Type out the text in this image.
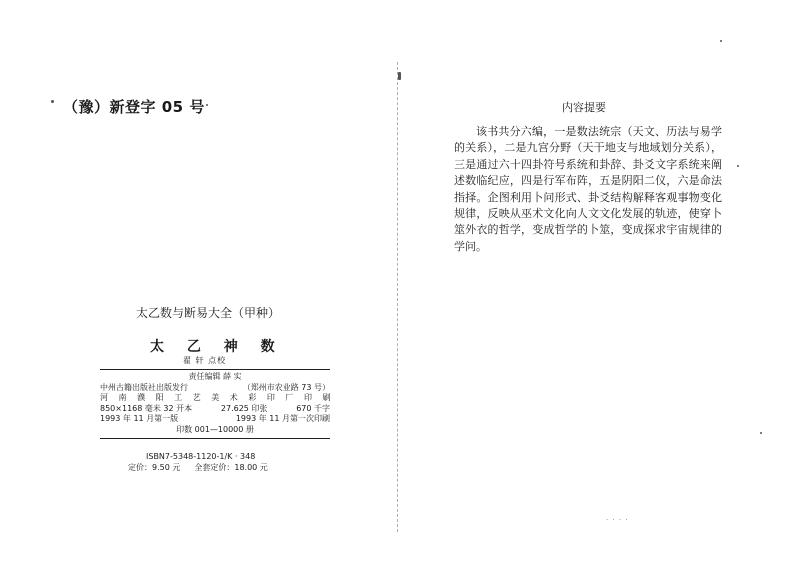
（豫）新登字 05 号
太乙数与断易大全（甲种）
太 乙 神 数
翟 轩 点校
责任编辑 薛 实
中州古籍出版社出版发行	（郑州市农业路 73 号）
河 南 濮 阳 工 艺 美 术 彩 印 厂 印 刷
850×1168 毫米 32 开本	27.625 印张	670 千字
1993 年 11 月第一版	1993 年 11 月第一次印刷
印数 001—10000 册
ISBN7-5348-1120-1/K · 348
定价：9.50 元 全套定价：18.00 元
内容提要

该书共分六编，一是数法统宗（天文、历法与易学的关系），二是九宫分野（天干地支与地域划分关系），三是通过六十四卦符号系统和卦辞、卦爻文字系统来阐述数临纪应，四是行军布阵，五是阴阳二仪，六是命法指择。企图利用卜问形式、卦爻结构解释客观事物变化规律，反映从巫术文化向人文文化发展的轨迹，使穿卜筮外衣的哲学，变成哲学的卜筮，变成探求宇宙规律的学问。

· · · ·
